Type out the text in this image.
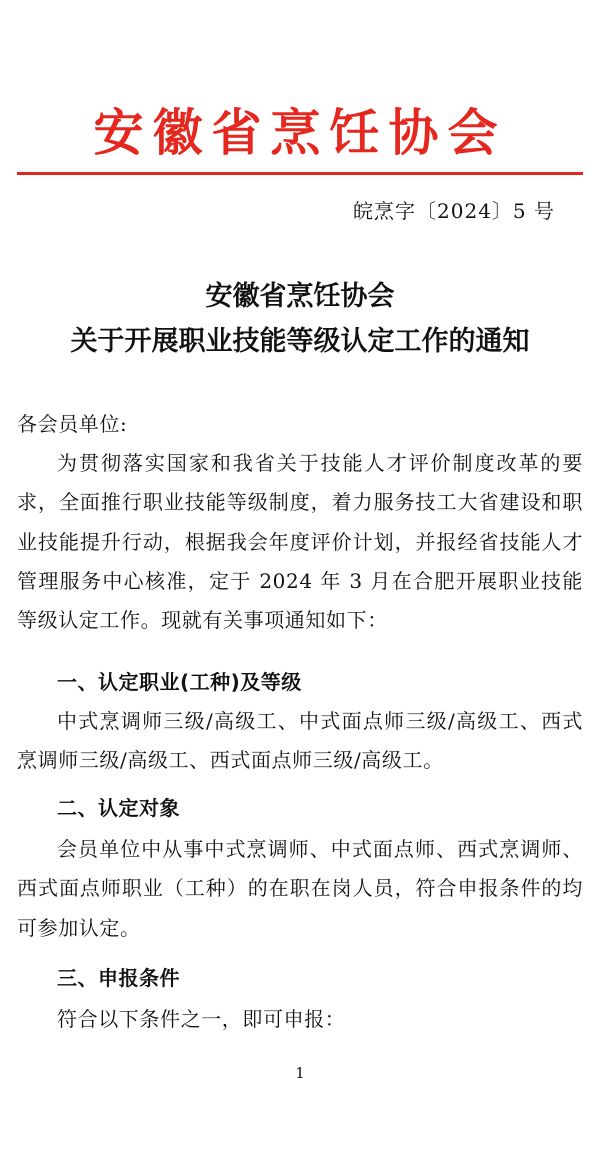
安徽省烹饪协会
皖烹字〔2024〕5 号
安徽省烹饪协会
关于开展职业技能等级认定工作的通知

各会员单位:

为贯彻落实国家和我省关于技能人才评价制度改革的要求，全面推行职业技能等级制度，着力服务技工大省建设和职业技能提升行动，根据我会年度评价计划，并报经省技能人才管理服务中心核准，定于 2024 年 3 月在合肥开展职业技能等级认定工作。现就有关事项通知如下：

一、认定职业(工种)及等级

中式烹调师三级/高级工、中式面点师三级/高级工、西式烹调师三级/高级工、西式面点师三级/高级工。

二、认定对象

会员单位中从事中式烹调师、中式面点师、西式烹调师、西式面点师职业（工种）的在职在岗人员，符合申报条件的均可参加认定。

三、申报条件

符合以下条件之一，即可申报：

1
